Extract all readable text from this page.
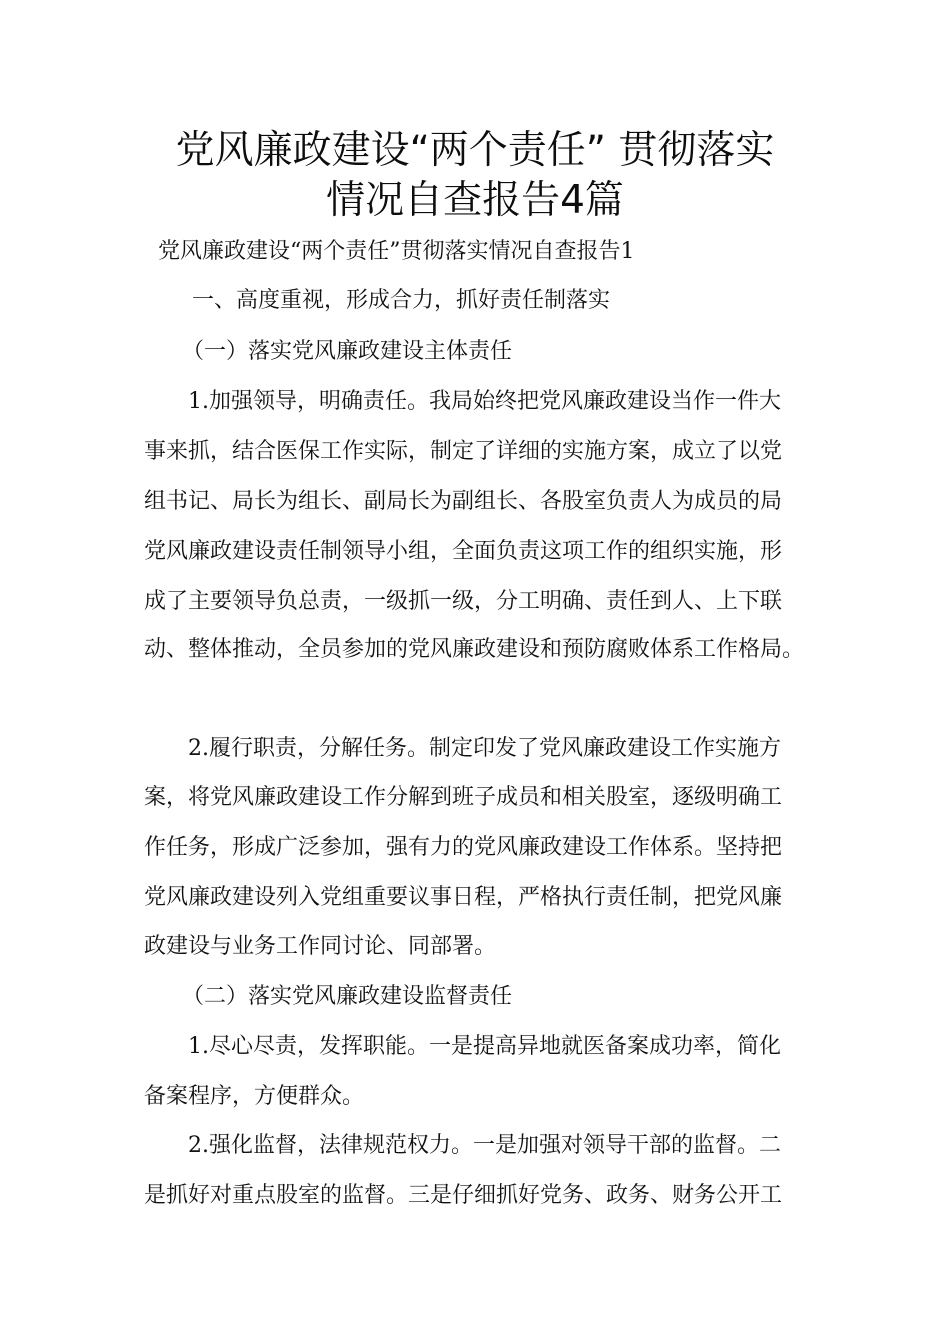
党风廉政建设“两个责任” 贯彻落实
情况自查报告4篇
党风廉政建设“两个责任”贯彻落实情况自查报告1
一、高度重视，形成合力，抓好责任制落实
（一）落实党风廉政建设主体责任
1.加强领导，明确责任。我局始终把党风廉政建设当作一件大
事来抓，结合医保工作实际，制定了详细的实施方案，成立了以党
组书记、局长为组长、副局长为副组长、各股室负责人为成员的局
党风廉政建设责任制领导小组，全面负责这项工作的组织实施，形
成了主要领导负总责，一级抓一级，分工明确、责任到人、上下联
动、整体推动，全员参加的党风廉政建设和预防腐败体系工作格局。
2.履行职责，分解任务。制定印发了党风廉政建设工作实施方
案，将党风廉政建设工作分解到班子成员和相关股室，逐级明确工
作任务，形成广泛参加，强有力的党风廉政建设工作体系。坚持把
党风廉政建设列入党组重要议事日程，严格执行责任制，把党风廉
政建设与业务工作同讨论、同部署。
（二）落实党风廉政建设监督责任
1.尽心尽责，发挥职能。一是提高异地就医备案成功率，简化
备案程序，方便群众。
2.强化监督，法律规范权力。一是加强对领导干部的监督。二
是抓好对重点股室的监督。三是仔细抓好党务、政务、财务公开工
